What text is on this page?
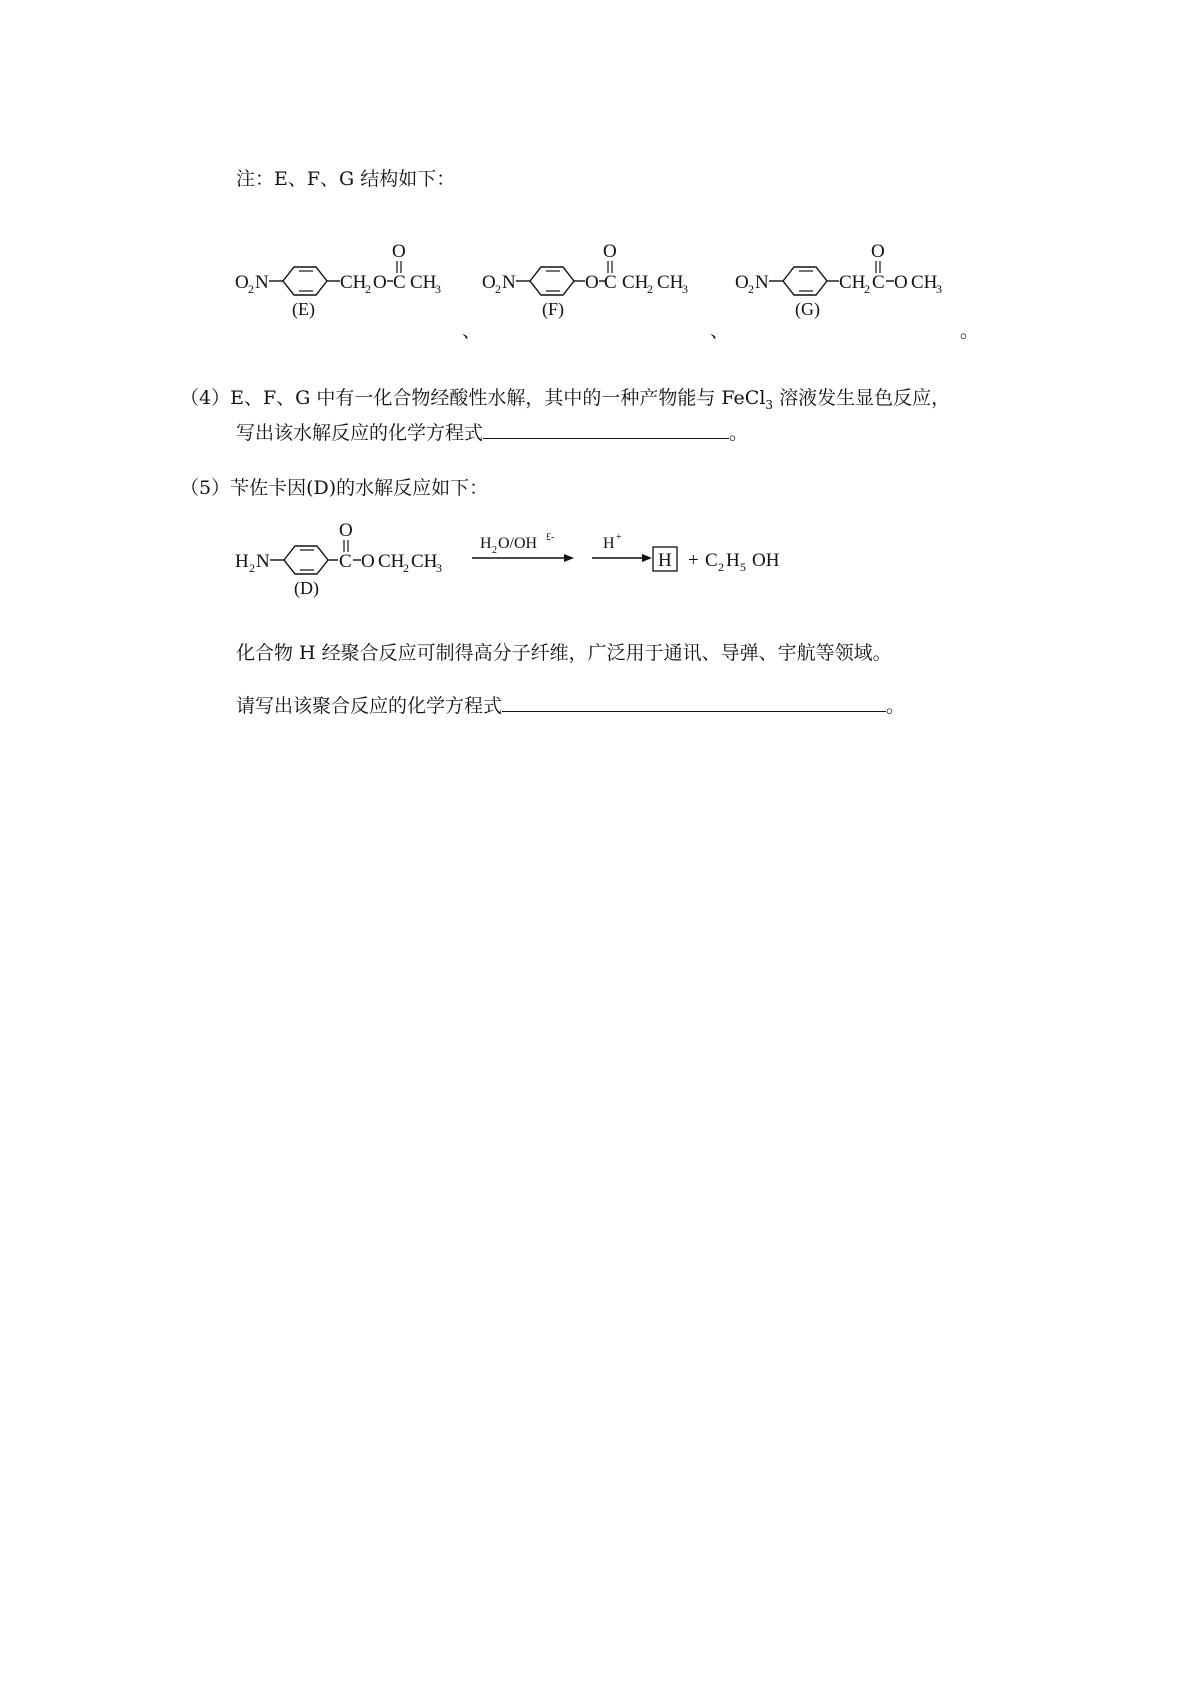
注：E、F、G 结构如下：
O 2 N	CH
2 O
O
C CH
3
(E)
、
O 2 N	O
O
C CH
2 CH
3
(F)
、
O 2 N	CH
2
O
C O CH
3
(G)
。
（4）E、F、G 中有一化合物经酸性水解，其中的一种产物能与 FeCl$_3$ 溶液发生显色反应，
写出该水解反应的化学方程式	。
（5）苄佐卡因(D)的水解反应如下：
H 2 N
O
C O CH
2 CH
3
(D)
H 2 O/OH £-	H +
H + C 2 H 5 OH
化合物 H 经聚合反应可制得高分子纤维，广泛用于通讯、导弹、宇航等领域。
请写出该聚合反应的化学方程式	。
